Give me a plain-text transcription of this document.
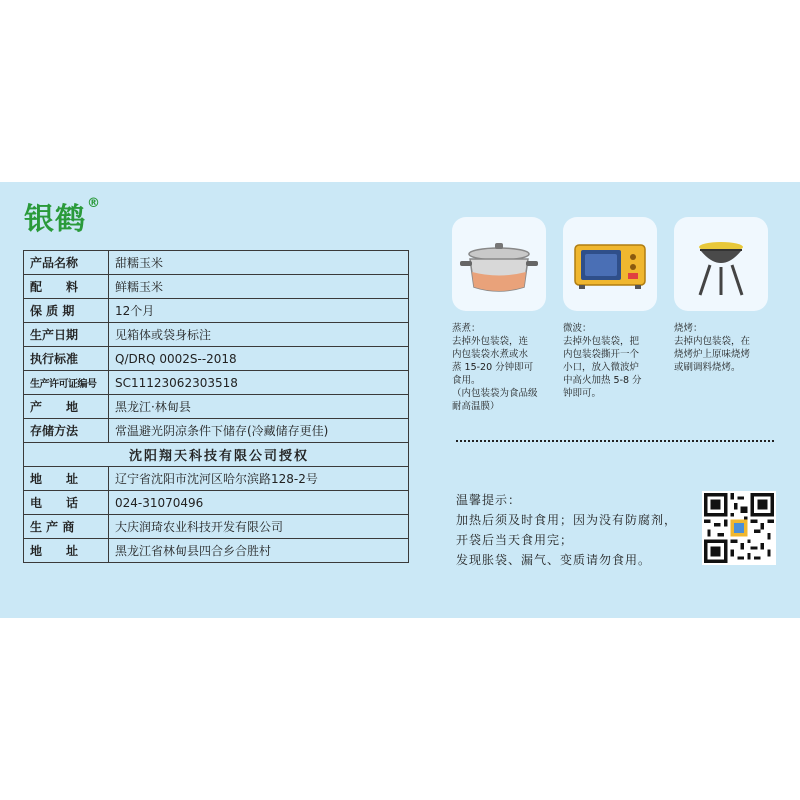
银鹤®
产品名称	甜糯玉米
配　　料	鲜糯玉米
保 质 期	12个月
生产日期	见箱体或袋身标注
执行标准	Q/DRQ 0002S--2018
生产许可证编号	SC11123062303518
产　　地	黑龙江·林甸县
存储方法	常温避光阴凉条件下储存(冷藏储存更佳)
沈阳翔天科技有限公司授权	
地　　址	辽宁省沈阳市沈河区哈尔滨路128-2号
电　　话	024-31070496
生 产 商	大庆润琦农业科技开发有限公司
地　　址	黑龙江省林甸县四合乡合胜村
蒸煮：
去掉外包装袋，连
内包装袋水煮或水
蒸 15-20 分钟即可
食用。
（内包装袋为食品级
耐高温膜）
微波：
去掉外包装袋，把
内包装袋撕开一个
小口，放入微波炉
中高火加热 5-8 分
钟即可。
烧烤：
去掉内包装袋，在
烧烤炉上原味烧烤
或刷调料烧烤。
温馨提示：
加热后须及时食用；因为没有防腐剂，
开袋后当天食用完；
发现胀袋、漏气、变质请勿食用。
